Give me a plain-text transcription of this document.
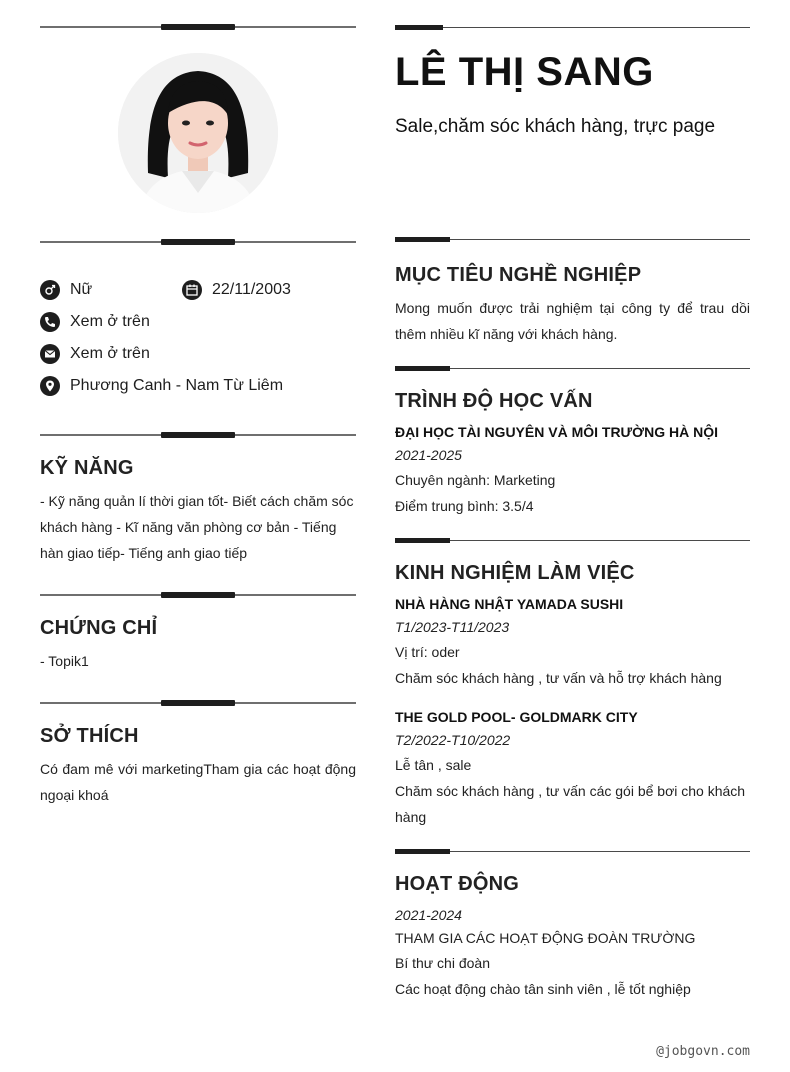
Nữ	22/11/2003
Xem ở trên
Xem ở trên
Phương Canh - Nam Từ Liêm
KỸ NĂNG
- Kỹ năng quản lí thời gian tốt- Biết cách chăm sóc khách hàng - Kĩ năng văn phòng cơ bản - Tiếng hàn giao tiếp- Tiếng anh giao tiếp
CHỨNG CHỈ
- Topik1
SỞ THÍCH
Có đam mê với marketingTham gia các hoạt động ngoại khoá
LÊ THỊ SANG
Sale,chăm sóc khách hàng, trực page
MỤC TIÊU NGHỀ NGHIỆP
Mong muốn được trải nghiệm tại công ty để trau dồi thêm nhiều kĩ năng với khách hàng.
TRÌNH ĐỘ HỌC VẤN
ĐẠI HỌC TÀI NGUYÊN VÀ MÔI TRƯỜNG HÀ NỘI
2021-2025
Chuyên ngành: Marketing
Điểm trung bình: 3.5/4
KINH NGHIỆM LÀM VIỆC
NHÀ HÀNG NHẬT YAMADA SUSHI
T1/2023-T11/2023
Vị trí: oder
Chăm sóc khách hàng , tư vấn và hỗ trợ khách hàng
THE GOLD POOL- GOLDMARK CITY
T2/2022-T10/2022
Lễ tân , sale
Chăm sóc khách hàng , tư vấn các gói bể bơi cho khách hàng
HOẠT ĐỘNG
2021-2024
THAM GIA CÁC HOẠT ĐỘNG ĐOÀN TRƯỜNG
Bí thư chi đoàn
Các hoạt động chào tân sinh viên , lễ tốt nghiệp
@jobgovn.com
